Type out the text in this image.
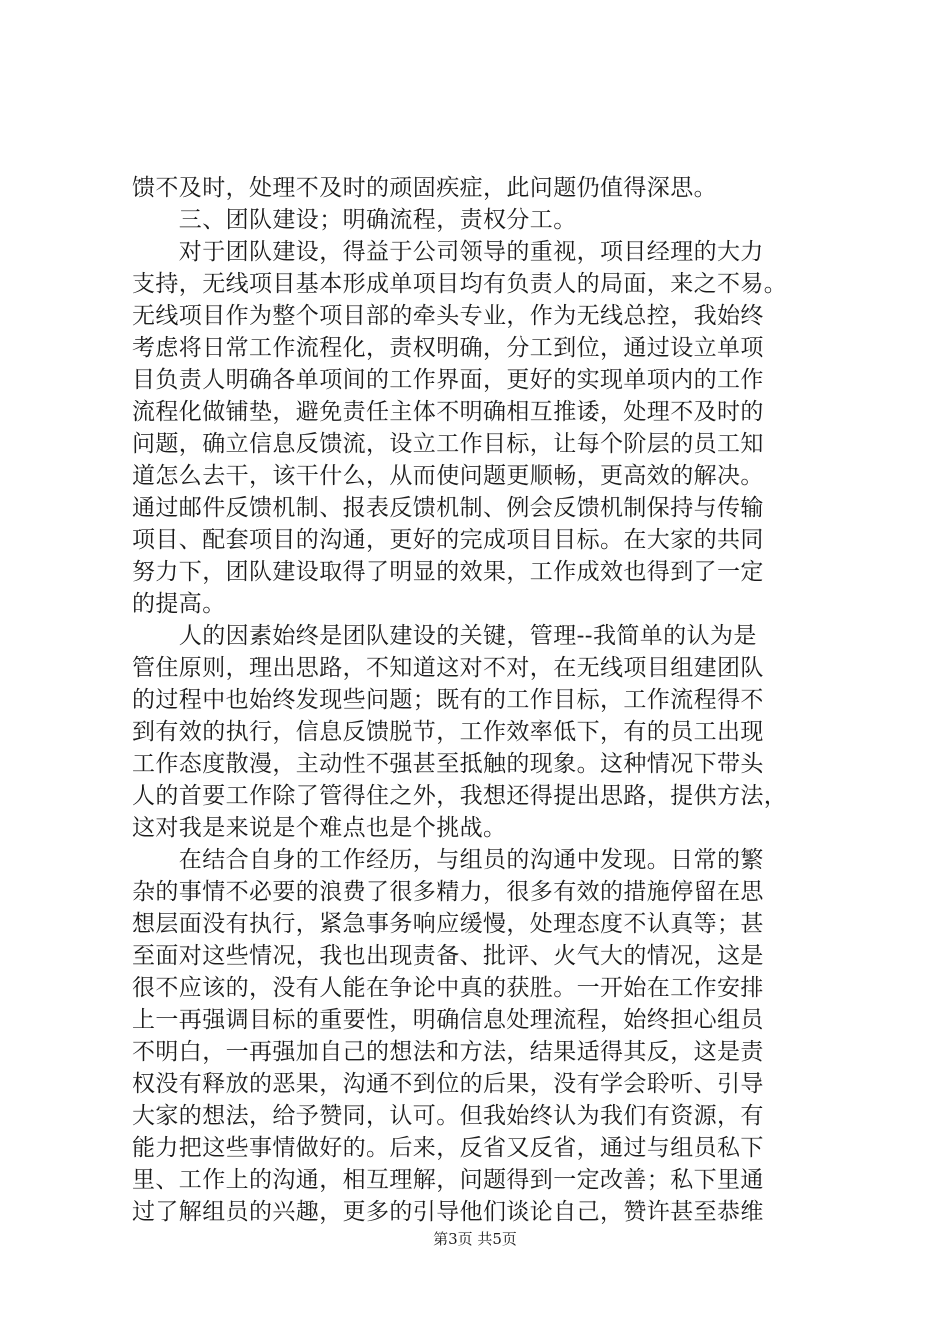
馈不及时，处理不及时的顽固疾症，此问题仍值得深思。
　　三、团队建设；明确流程，责权分工。
　　对于团队建设，得益于公司领导的重视，项目经理的大力
支持，无线项目基本形成单项目均有负责人的局面，来之不易。
无线项目作为整个项目部的牵头专业，作为无线总控，我始终
考虑将日常工作流程化，责权明确，分工到位，通过设立单项
目负责人明确各单项间的工作界面，更好的实现单项内的工作
流程化做铺垫，避免责任主体不明确相互推诿，处理不及时的
问题，确立信息反馈流，设立工作目标，让每个阶层的员工知
道怎么去干，该干什么，从而使问题更顺畅，更高效的解决。
通过邮件反馈机制、报表反馈机制、例会反馈机制保持与传输
项目、配套项目的沟通，更好的完成项目目标。在大家的共同
努力下，团队建设取得了明显的效果，工作成效也得到了一定
的提高。
　　人的因素始终是团队建设的关键，管理--我简单的认为是
管住原则，理出思路，不知道这对不对，在无线项目组建团队
的过程中也始终发现些问题；既有的工作目标，工作流程得不
到有效的执行，信息反馈脱节，工作效率低下，有的员工出现
工作态度散漫，主动性不强甚至抵触的现象。这种情况下带头
人的首要工作除了管得住之外，我想还得提出思路，提供方法，
这对我是来说是个难点也是个挑战。
　　在结合自身的工作经历，与组员的沟通中发现。日常的繁
杂的事情不必要的浪费了很多精力，很多有效的措施停留在思
想层面没有执行，紧急事务响应缓慢，处理态度不认真等；甚
至面对这些情况，我也出现责备、批评、火气大的情况，这是
很不应该的，没有人能在争论中真的获胜。一开始在工作安排
上一再强调目标的重要性，明确信息处理流程，始终担心组员
不明白，一再强加自己的想法和方法，结果适得其反，这是责
权没有释放的恶果，沟通不到位的后果，没有学会聆听、引导
大家的想法，给予赞同，认可。但我始终认为我们有资源，有
能力把这些事情做好的。后来，反省又反省，通过与组员私下
里、工作上的沟通，相互理解，问题得到一定改善；私下里通
过了解组员的兴趣，更多的引导他们谈论自己，赞许甚至恭维
第3页 共5页
